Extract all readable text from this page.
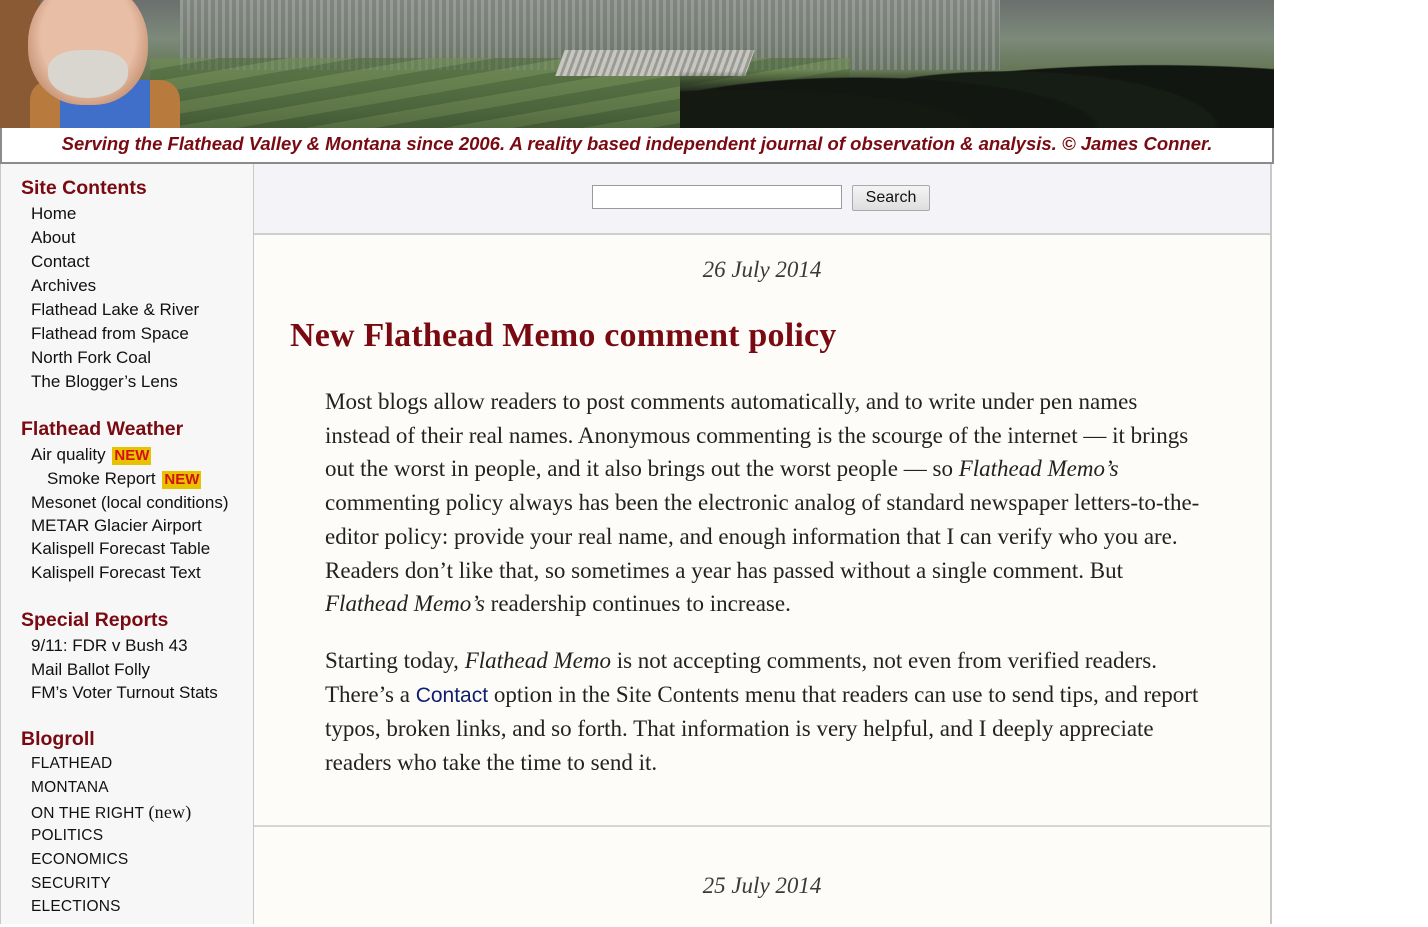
Serving the Flathead Valley & Montana since 2006. A reality based independent journal of observation & analysis. © James Conner.
Site Contents
Home
About
Contact
Archives
Flathead Lake & River
Flathead from Space
North Fork Coal
The Blogger’s Lens
Flathead Weather
Air quality NEW
Smoke Report NEW
Mesonet (local conditions)
METAR Glacier Airport
Kalispell Forecast Table
Kalispell Forecast Text
Special Reports
9/11: FDR v Bush 43
Mail Ballot Folly
FM’s Voter Turnout Stats
Blogroll
FLATHEAD
MONTANA
ON THE RIGHT (new)
POLITICS
ECONOMICS
SECURITY
ELECTIONS
Search
26 July 2014
New Flathead Memo comment policy
Most blogs allow readers to post comments automatically, and to write under pen names instead of their real names. Anonymous commenting is the scourge of the internet — it brings out the worst in people, and it also brings out the worst people — so Flathead Memo’s commenting policy always has been the electronic analog of standard newspaper letters-to-the-editor policy: provide your real name, and enough information that I can verify who you are. Readers don’t like that, so sometimes a year has passed without a single comment. But Flathead Memo’s readership continues to increase.
Starting today, Flathead Memo is not accepting comments, not even from verified readers. There’s a Contact option in the Site Contents menu that readers can use to send tips, and report typos, broken links, and so forth. That information is very helpful, and I deeply appreciate readers who take the time to send it.
25 July 2014
